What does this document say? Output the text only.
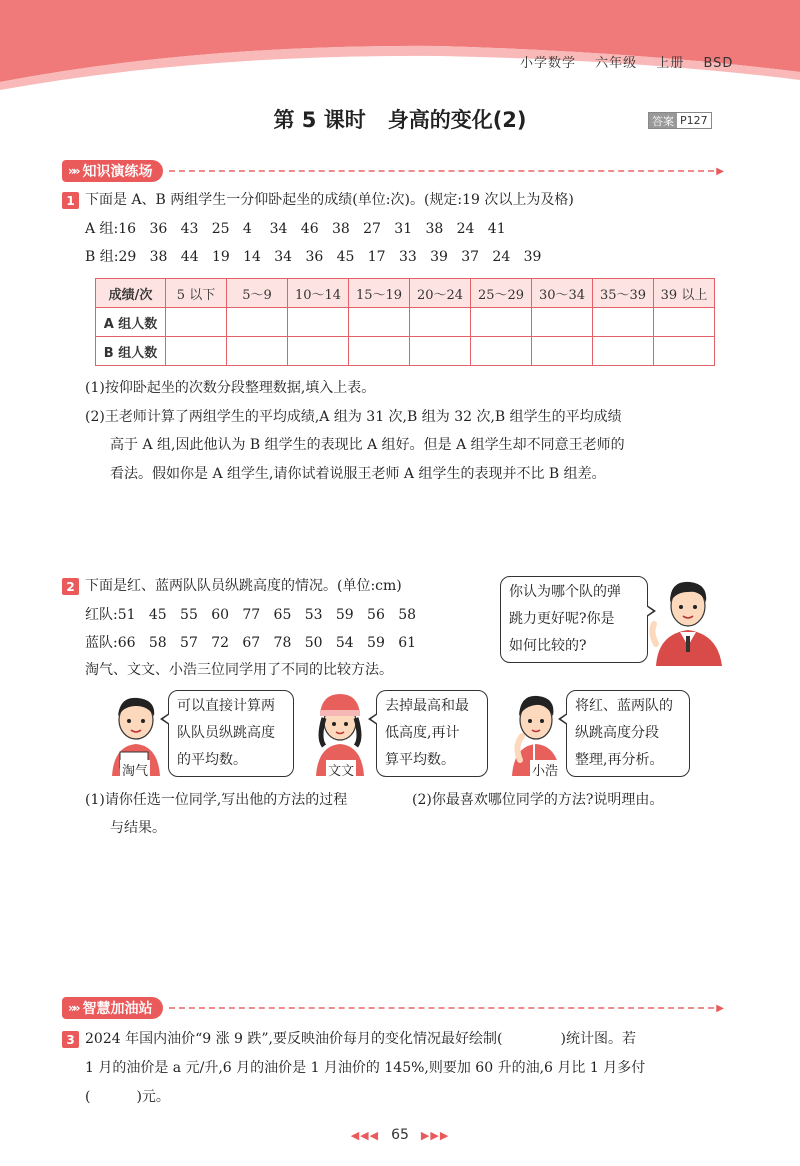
小学数学 六年级 上册 BSD
第 5 课时 身高的变化(2)	答案 P127
»» 知识演练场	▶
1 下面是 A、B 两组学生一分仰卧起坐的成绩(单位:次)。(规定:19 次以上为及格)
A 组:16   36   43   25   4    34   46   38   27   31   38   24   41
B 组:29   38   44   19   14   34   36   45   17   33   39   37   24   39
成绩/次	5 以下	5～9	10～14	15～19	20～24	25～29	30～34	35～39	39 以上
A 组人数									
B 组人数									
(1)按仰卧起坐的次数分段整理数据,填入上表。
(2)王老师计算了两组学生的平均成绩,A 组为 31 次,B 组为 32 次,B 组学生的平均成绩
高于 A 组,因此他认为 B 组学生的表现比 A 组好。但是 A 组学生却不同意王老师的
看法。假如你是 A 组学生,请你试着说服王老师 A 组学生的表现并不比 B 组差。
2 下面是红、蓝两队队员纵跳高度的情况。(单位:cm)
红队:51   45   55   60   77   65   53   59   56   58
蓝队:66   58   57   72   67   78   50   54   59   61
淘气、文文、小浩三位同学用了不同的比较方法。
你认为哪个队的弹
跳力更好呢?你是
如何比较的?
淘气
可以直接计算两
队队员纵跳高度
的平均数。
文文
去掉最高和最
低高度,再计
算平均数。
小浩
将红、蓝两队的
纵跳高度分段
整理,再分析。
(1)请你任选一位同学,写出他的方法的过程
与结果。
(2)你最喜欢哪位同学的方法?说明理由。
»» 智慧加油站	▶
3 2024 年国内油价“9 涨 9 跌”,要反映油价每月的变化情况最好绘制(	)统计图。若
1 月的油价是 a 元/升,6 月的油价是 1 月油价的 145%,则要加 60 升的油,6 月比 1 月多付
(	)元。
◀◀◀ 65 ▶▶▶
